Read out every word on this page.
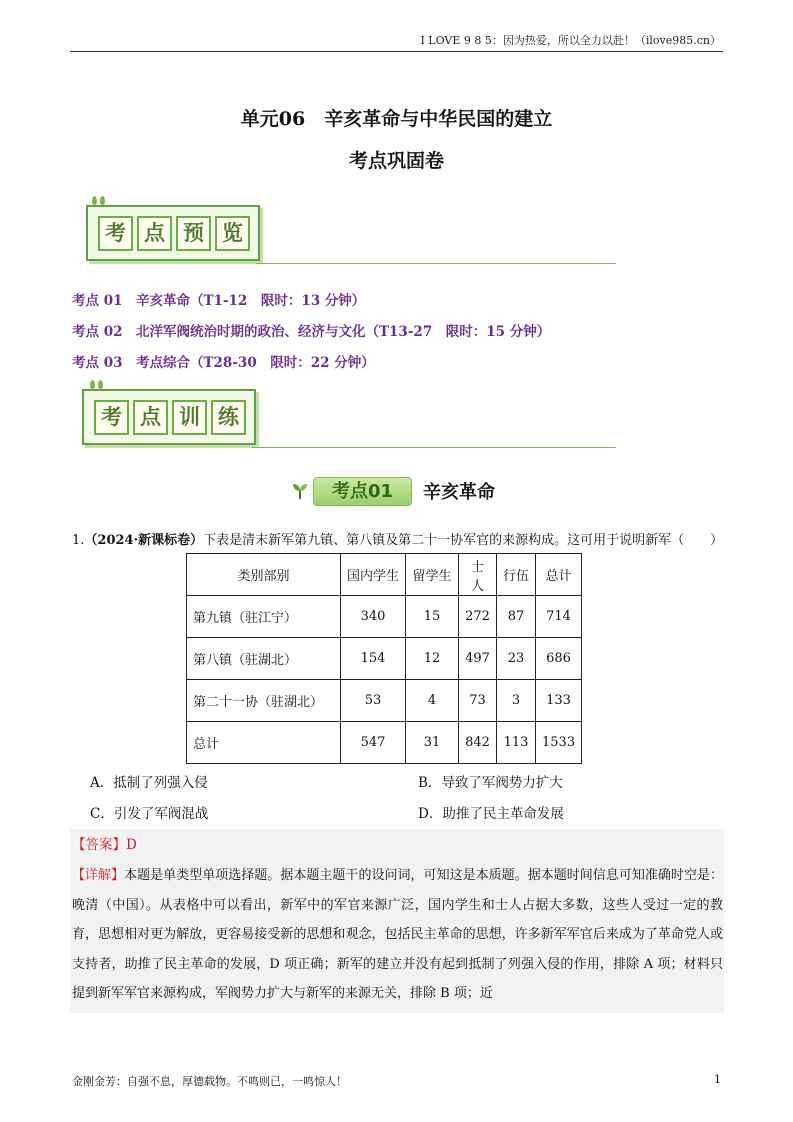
I LOVE 9 8 5：因为热爱，所以全力以赴！（ilove985.cn）
单元06　辛亥革命与中华民国的建立
考点巩固卷
考 点 预 览
考点 01　辛亥革命（T1-12　限时：13 分钟）
考点 02　北洋军阀统治时期的政治、经济与文化（T13-27　限时：15 分钟）
考点 03　考点综合（T28-30　限时：22 分钟）
考 点 训 练
考点01	辛亥革命
1.（2024·新课标卷）下表是清末新军第九镇、第八镇及第二十一协军官的来源构成。这可用于说明新军（　　）
类别部别	国内学生	留学生	士人	行伍	总计
第九镇（驻江宁）	340	15	272	87	714
第八镇（驻湖北）	154	12	497	23	686
第二十一协（驻湖北）	53	4	73	3	133
总计	547	31	842	113	1533
A．抵制了列强入侵	B．导致了军阀势力扩大
C．引发了军阀混战	D．助推了民主革命发展
【答案】D
【详解】本题是单类型单项选择题。据本题主题干的设问词，可知这是本质题。据本题时间信息可知准确时空是：晚清（中国）。从表格中可以看出，新军中的军官来源广泛，国内学生和士人占据大多数，这些人受过一定的教育，思想相对更为解放，更容易接受新的思想和观念，包括民主革命的思想，许多新军军官后来成为了革命党人或支持者，助推了民主革命的发展，D 项正确；新军的建立并没有起到抵制了列强入侵的作用，排除 A 项；材料只提到新军军官来源构成，军阀势力扩大与新军的来源无关，排除 B 项；近
金刚金芳：自强不息，厚德载物。不鸣则已，一鸣惊人！	1
